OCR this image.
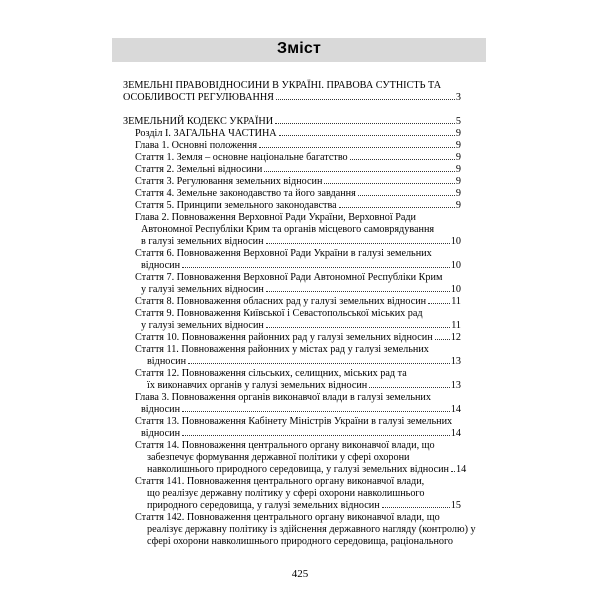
Зміст
ЗЕМЕЛЬНІ ПРАВОВІДНОСИНИ В УКРАЇНІ. ПРАВОВА СУТНІСТЬ ТА
ОСОБЛИВОСТІ РЕГУЛЮВАННЯ	3
ЗЕМЕЛЬНИЙ КОДЕКС УКРАЇНИ	5
Розділ I. ЗАГАЛЬНА ЧАСТИНА	9
Глава 1. Основні положення	9
Стаття 1. Земля – основне національне багатство	9
Стаття 2. Земельні відносини	9
Стаття 3. Регулювання земельних відносин	9
Стаття 4. Земельне законодавство та його завдання	9
Стаття 5. Принципи земельного законодавства	9
Глава 2. Повноваження Верховної Ради України, Верховної Ради
Автономної Республіки Крим та органів місцевого самоврядування
в галузі земельних відносин	10
Стаття 6. Повноваження Верховної Ради України в галузі земельних
відносин	10
Стаття 7. Повноваження Верховної Ради Автономної Республіки Крим
у галузі земельних відносин	10
Стаття 8. Повноваження обласних рад у галузі земельних відносин 11
Стаття 9. Повноваження Київської і Севастопольської міських рад
у галузі земельних відносин	11
Стаття 10. Повноваження районних рад у галузі земельних відносин 12
Стаття 11. Повноваження районних у містах рад у галузі земельних
відносин	13
Стаття 12. Повноваження сільських, селищних, міських рад та
їх виконавчих органів у галузі земельних відносин	13
Глава 3. Повноваження органів виконавчої влади в галузі земельних
відносин	14
Стаття 13. Повноваження Кабінету Міністрів України в галузі земельних
відносин	14
Стаття 14. Повноваження центрального органу виконавчої влади, що
забезпечує формування державної політики у сфері охорони
навколишнього природного середовища, у галузі земельних відносин 14
Стаття 141. Повноваження центрального органу виконавчої влади,
що реалізує державну політику у сфері охорони навколишнього
природного середовища, у галузі земельних відносин	15
Стаття 142. Повноваження центрального органу виконавчої влади, що
реалізує державну політику із здійснення державного нагляду (контролю) у
сфері охорони навколишнього природного середовища, раціонального
425
